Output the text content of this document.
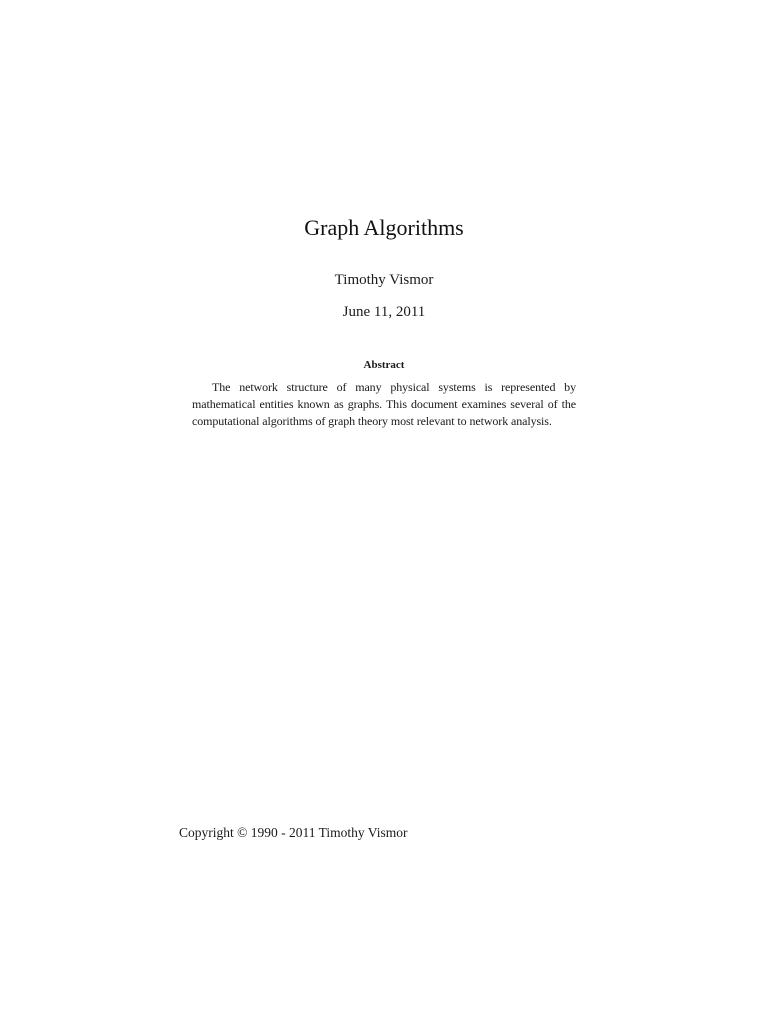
Graph Algorithms
Timothy Vismor
June 11, 2011
Abstract

The network structure of many physical systems is represented by mathematical entities known as graphs. This document examines several of the computational algorithms of graph theory most relevant to network analysis.

Copyright © 1990 - 2011 Timothy Vismor
